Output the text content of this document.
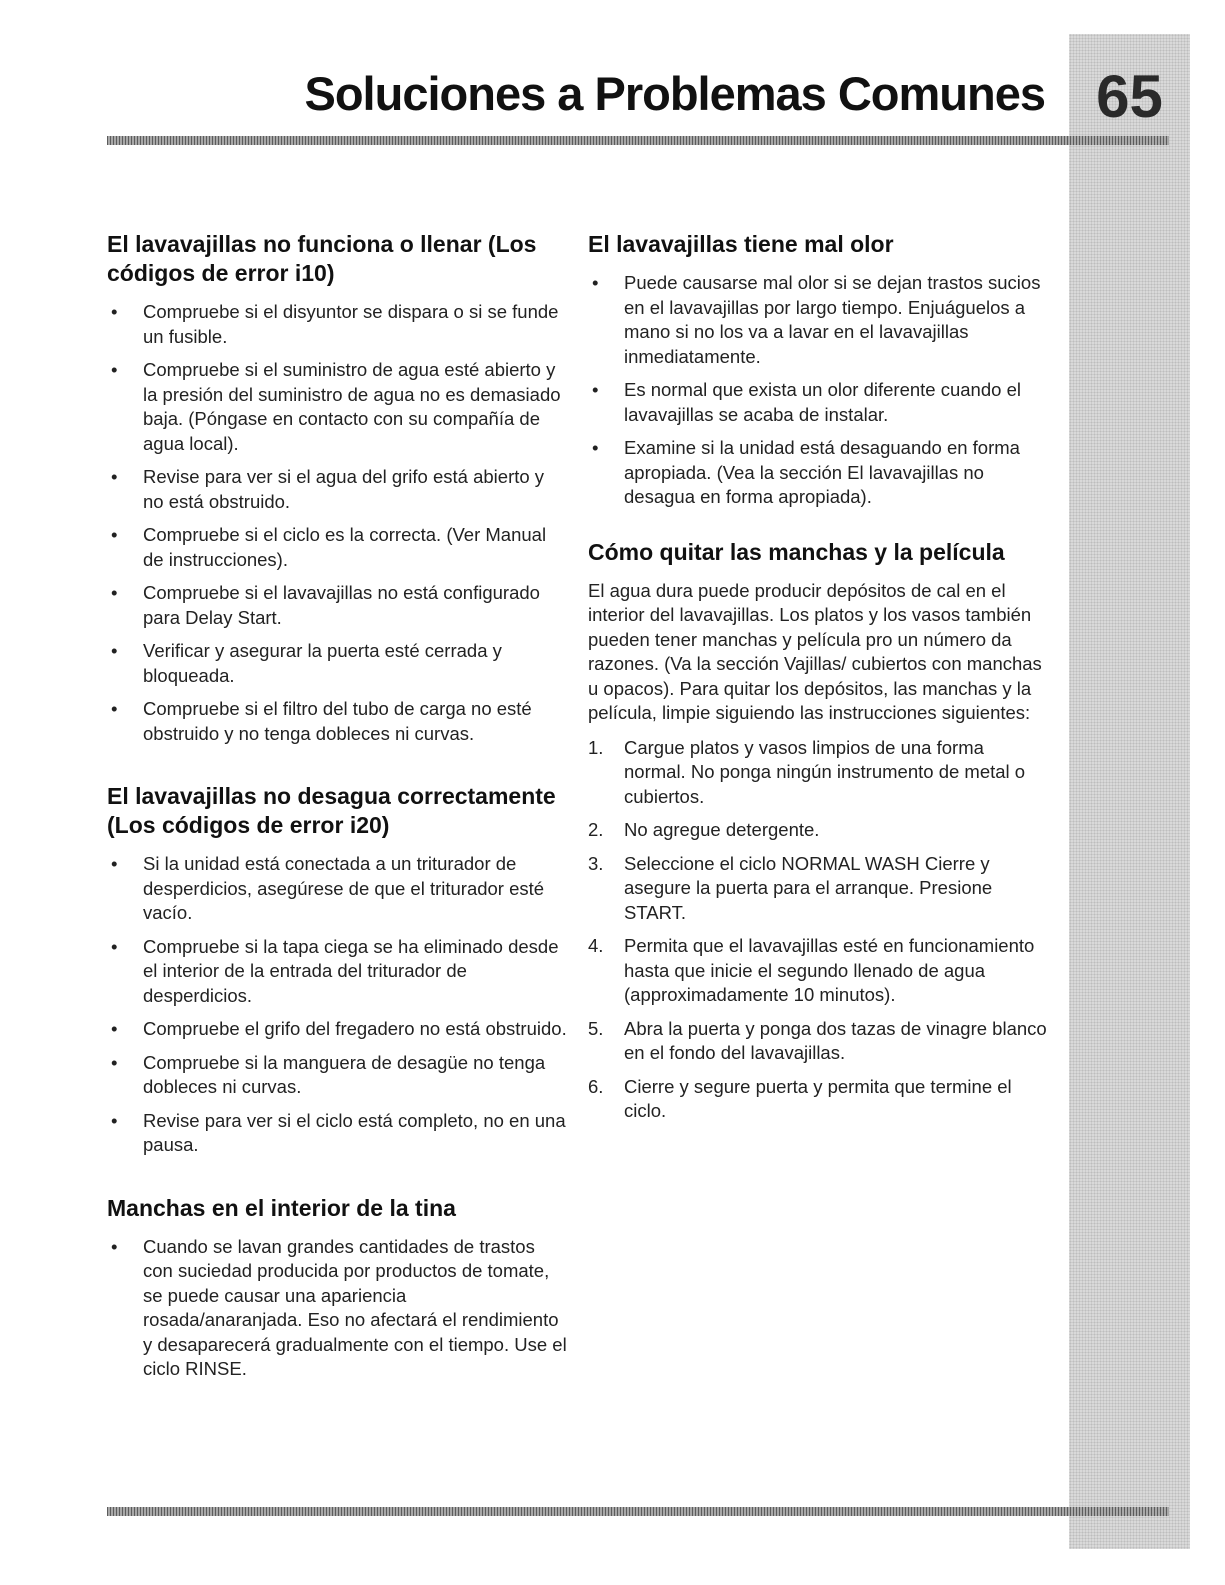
65
Soluciones a Problemas Comunes
El lavavajillas no funciona o llenar (Los códigos de error i10)
•	Compruebe si el disyuntor se dispara o si se funde un fusible.
•	Compruebe si el suministro de agua esté abierto y la presión del suministro de agua no es demasiado baja. (Póngase en contacto con su compañía de agua local).
•	Revise para ver si el agua del grifo está abierto y no está obstruido.
•	Compruebe si el ciclo es la correcta. (Ver Manual de instrucciones).
•	Compruebe si el lavavajillas no está configurado para Delay Start.
•	Verificar y asegurar la puerta esté cerrada y bloqueada.
•	Compruebe si el filtro del tubo de carga no esté obstruido y no tenga dobleces ni curvas.
El lavavajillas no desagua correctamente (Los códigos de error i20)
•	Si la unidad está conectada a un triturador de desperdicios, asegúrese de que el triturador esté vacío.
•	Compruebe si la tapa ciega se ha eliminado desde el interior de la entrada del triturador de desperdicios.
•	Compruebe el grifo del fregadero no está obstruido.
•	Compruebe si la manguera de desagüe no tenga dobleces ni curvas.
•	Revise para ver si el ciclo está completo, no en una pausa.
Manchas en el interior de la tina
•	Cuando se lavan grandes cantidades de trastos con suciedad producida por productos de tomate, se puede causar una apariencia rosada/anaranjada. Eso no afectará el rendimiento y desaparecerá gradualmente con el tiempo. Use el ciclo RINSE.
El lavavajillas tiene mal olor
•	Puede causarse mal olor si se dejan trastos sucios en el lavavajillas por largo tiempo. Enjuáguelos a mano si no los va a lavar en el lavavajillas inmediatamente.
•	Es normal que exista un olor diferente cuando el lavavajillas se acaba de instalar.
•	Examine si la unidad está desaguando en forma apropiada. (Vea la sección El lavavajillas no desagua en forma apropiada).
Cómo quitar las manchas y la película

El agua dura puede producir depósitos de cal en el interior del lavavajillas. Los platos y los vasos también pueden tener manchas y película pro un número da razones. (Va la sección Vajillas/ cubiertos con manchas u opacos). Para quitar los depósitos, las manchas y la película, limpie siguiendo las instrucciones siguientes:

1.	Cargue platos y vasos limpios de una forma normal. No ponga ningún instrumento de metal o cubiertos.
2.	No agregue detergente.
3.	Seleccione el ciclo NORMAL WASH Cierre y asegure la puerta para el arranque. Presione START.
4.	Permita que el lavavajillas esté en funcionamiento hasta que inicie el segundo llenado de agua (approximadamente 10 minutos).
5.	Abra la puerta y ponga dos tazas de vinagre blanco en el fondo del lavavajillas.
6.	Cierre y segure puerta y permita que termine el ciclo.
